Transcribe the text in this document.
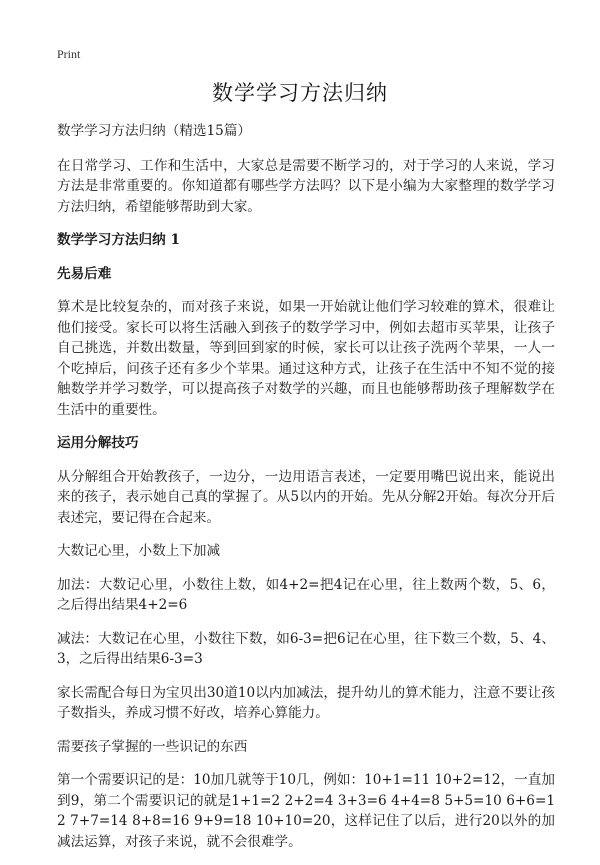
Print
数学学习方法归纳

数学学习方法归纳（精选15篇）

在日常学习、工作和生活中，大家总是需要不断学习的，对于学习的人来说，学习方法是非常重要的。你知道都有哪些学方法吗？以下是小编为大家整理的数学学习方法归纳，希望能够帮助到大家。

数学学习方法归纳 1

先易后难

算术是比较复杂的，而对孩子来说，如果一开始就让他们学习较难的算术，很难让他们接受。家长可以将生活融入到孩子的数学学习中，例如去超市买苹果，让孩子自己挑选，并数出数量，等到回到家的时候，家长可以让孩子洗两个苹果，一人一个吃掉后，问孩子还有多少个苹果。通过这种方式，让孩子在生活中不知不觉的接触数学并学习数学，可以提高孩子对数学的兴趣，而且也能够帮助孩子理解数学在生活中的重要性。

运用分解技巧

从分解组合开始教孩子，一边分，一边用语言表述，一定要用嘴巴说出来，能说出来的孩子，表示她自己真的掌握了。从5以内的开始。先从分解2开始。每次分开后表述完，要记得在合起来。

大数记心里，小数上下加减

加法：大数记心里，小数往上数，如4+2=把4记在心里，往上数两个数，5、6，之后得出结果4+2=6

减法：大数记在心里，小数往下数，如6-3=把6记在心里，往下数三个数，5、4、3，之后得出结果6-3=3

家长需配合每日为宝贝出30道10以内加减法，提升幼儿的算术能力，注意不要让孩子数指头，养成习惯不好改，培养心算能力。

需要孩子掌握的一些识记的东西

第一个需要识记的是：10加几就等于10几，例如：10+1=11 10+2=12，一直加到9，第二个需要识记的就是1+1=2 2+2=4 3+3=6 4+4=8 5+5=10 6+6=12 7+7=14 8+8=16 9+9=18 10+10=20，这样记住了以后，进行20以外的加减法运算，对孩子来说，就不会很难学。
